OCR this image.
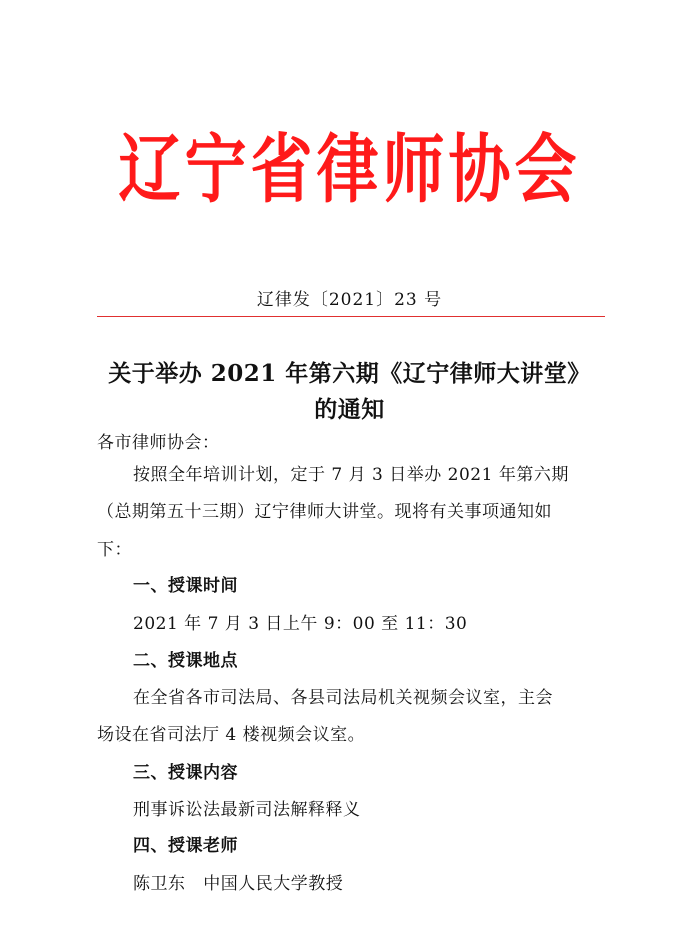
辽宁省律师协会
辽律发〔2021〕23 号
关于举办 2021 年第六期《辽宁律师大讲堂》
的通知
各市律师协会：
按照全年培训计划，定于 7 月 3 日举办 2021 年第六期
（总期第五十三期）辽宁律师大讲堂。现将有关事项通知如
下：
一、授课时间
2021 年 7 月 3 日上午 9：00 至 11：30
二、授课地点
在全省各市司法局、各县司法局机关视频会议室，主会
场设在省司法厅 4 楼视频会议室。
三、授课内容
刑事诉讼法最新司法解释释义
四、授课老师
陈卫东   中国人民大学教授
